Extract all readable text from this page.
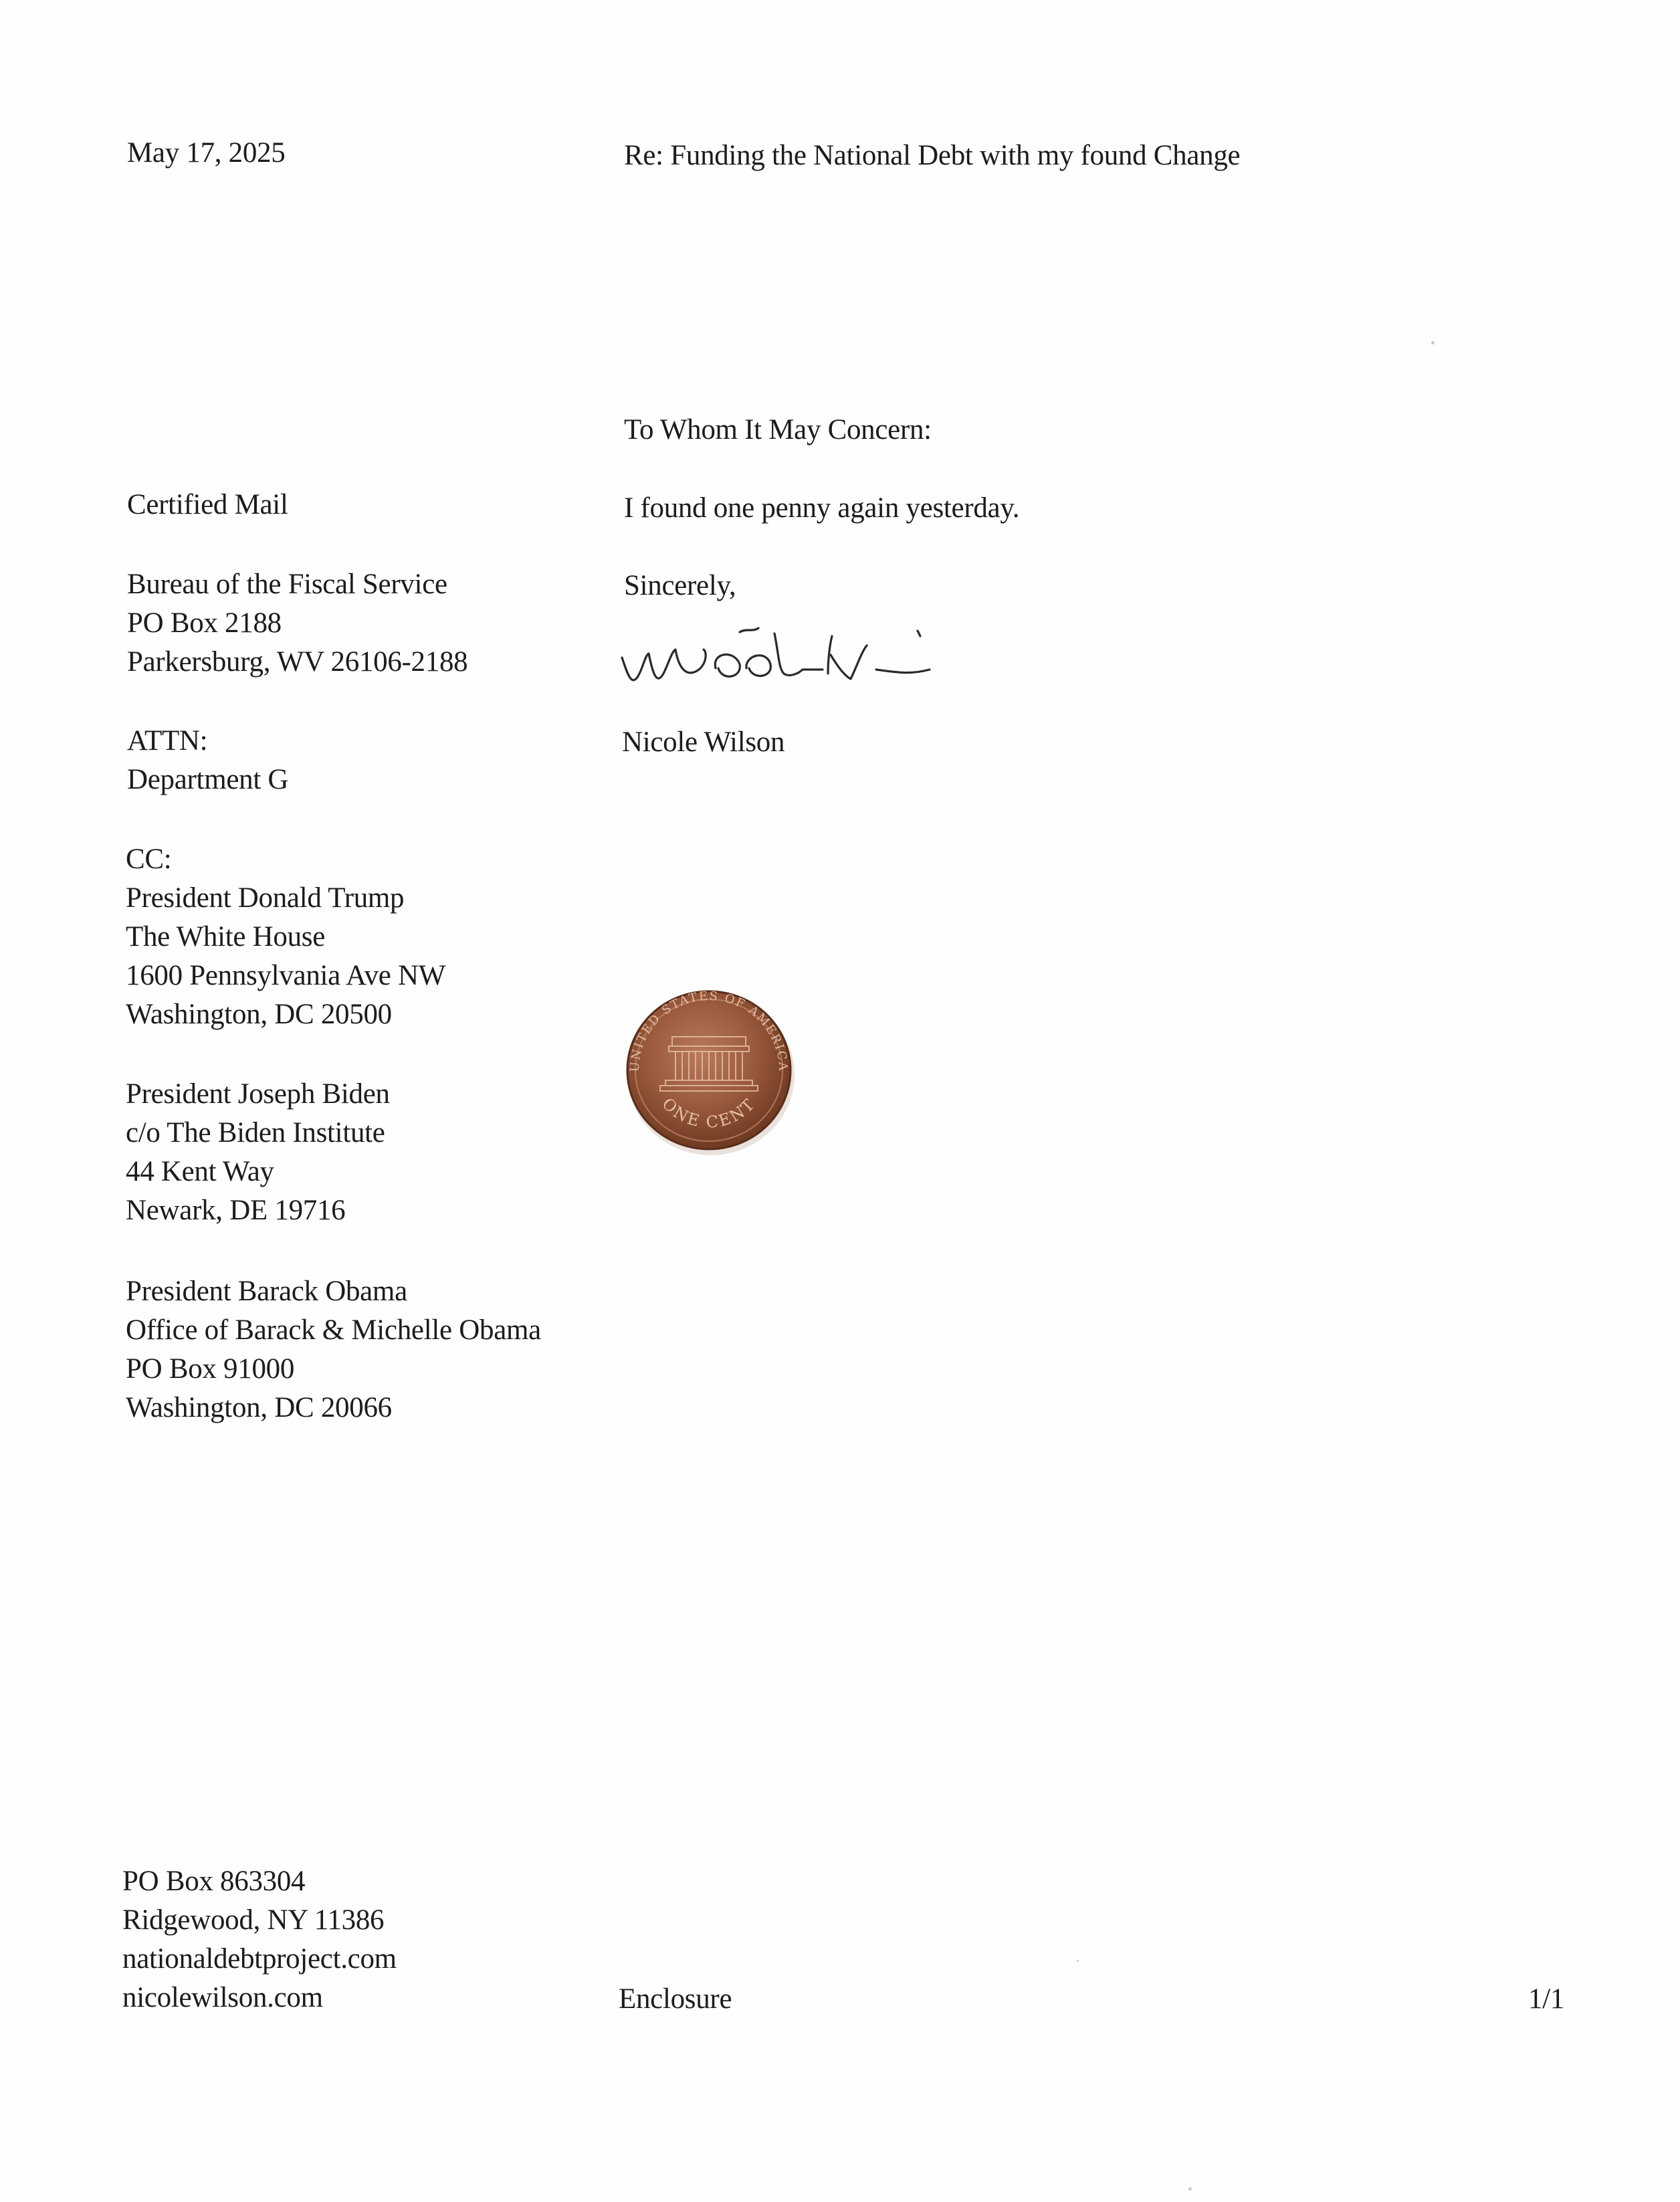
May 17, 2025	Re: Funding the National Debt with my found Change
To Whom It May Concern:
I found one penny again yesterday.
Sincerely,
Nicole Wilson
Certified Mail
Bureau of the Fiscal Service
PO Box 2188
Parkersburg, WV 26106-2188
ATTN:
Department G
CC:
President Donald Trump
The White House
1600 Pennsylvania Ave NW
Washington, DC 20500
President Joseph Biden
c/o The Biden Institute
44 Kent Way
Newark, DE 19716
President Barack Obama
Office of Barack & Michelle Obama
PO Box 91000
Washington, DC 20066
UNITED STATES OF AMERICA
ONE CENT
PO Box 863304
Ridgewood, NY 11386
nationaldebtproject.com
nicolewilson.com	Enclosure	1/1
